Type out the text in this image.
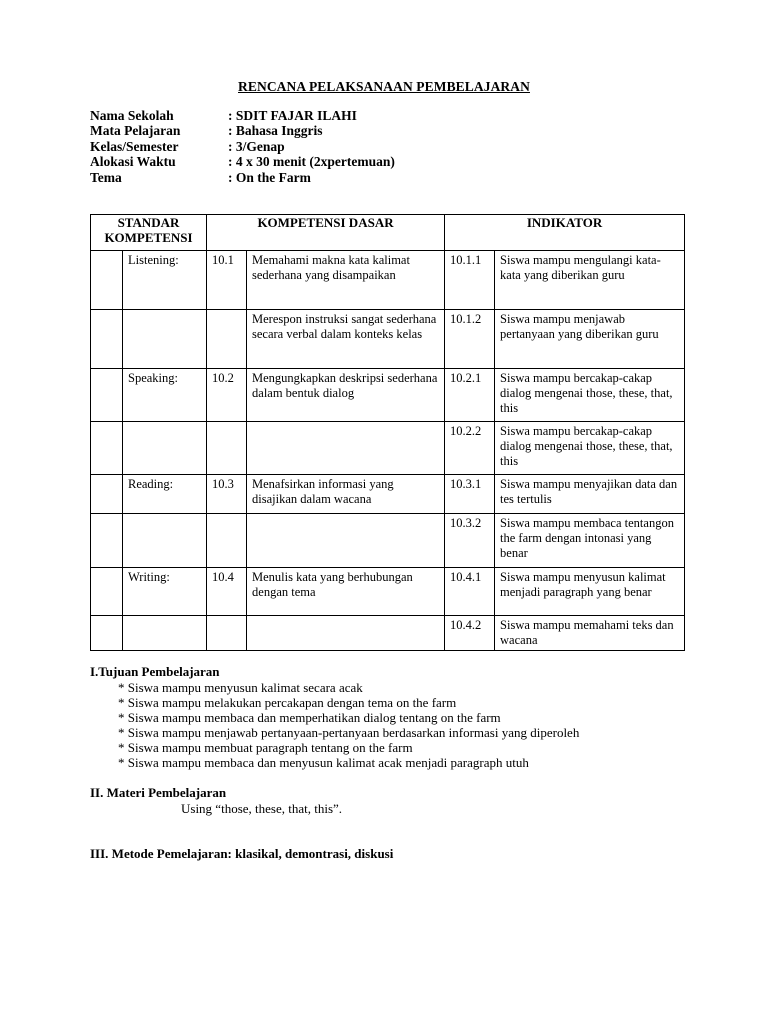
RENCANA PELAKSANAAN PEMBELAJARAN
Nama Sekolah	: SDIT FAJAR ILAHI
Mata Pelajaran	: Bahasa Inggris
Kelas/Semester	: 3/Genap
Alokasi Waktu	: 4 x 30 menit (2xpertemuan)
Tema	: On the Farm
STANDAR KOMPETENSI		KOMPETENSI DASAR		INDIKATOR	
	Listening:	10.1	Memahami makna kata kalimat sederhana yang disampaikan	10.1.1	Siswa mampu mengulangi kata-kata yang diberikan guru
			Merespon instruksi sangat sederhana secara verbal dalam konteks kelas	10.1.2	Siswa mampu menjawab pertanyaan yang diberikan guru
	Speaking:	10.2	Mengungkapkan deskripsi sederhana dalam bentuk dialog	10.2.1	Siswa mampu bercakap-cakap dialog mengenai those, these, that, this
				10.2.2	Siswa mampu bercakap-cakap dialog mengenai those, these, that, this
	Reading:	10.3	Menafsirkan informasi yang disajikan dalam wacana	10.3.1	Siswa mampu menyajikan data dan tes tertulis
				10.3.2	Siswa mampu membaca tentangon the farm dengan intonasi yang benar
	Writing:	10.4	Menulis kata yang berhubungan dengan tema	10.4.1	Siswa mampu menyusun kalimat menjadi paragraph yang benar
				10.4.2	Siswa mampu memahami teks dan wacana
I.Tujuan Pembelajaran
* Siswa mampu menyusun kalimat secara acak
* Siswa mampu melakukan percakapan dengan tema on the farm
* Siswa mampu membaca dan memperhatikan dialog tentang on the farm
* Siswa mampu menjawab pertanyaan-pertanyaan berdasarkan informasi yang diperoleh
* Siswa mampu membuat paragraph tentang on the farm
* Siswa mampu membaca dan menyusun kalimat acak menjadi paragraph utuh
II. Materi Pembelajaran
Using “those, these, that, this”.
III. Metode Pemelajaran: klasikal, demontrasi, diskusi
